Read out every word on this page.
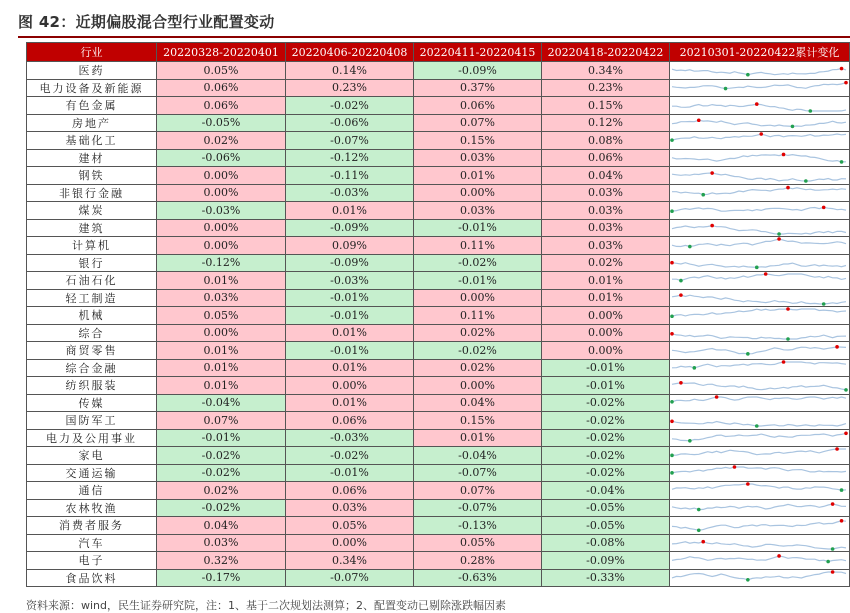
图 42：近期偏股混合型行业配置变动
行业	20220328-20220401	20220406-20220408	20220411-20220415	20220418-20220422	20210301-20220422累计变化
医药	0.05%	0.14%	-0.09%	0.34%	

电力设备及新能源	0.06%	0.23%	0.37%	0.23%	

有色金属	0.06%	-0.02%	0.06%	0.15%	

房地产	-0.05%	-0.06%	0.07%	0.12%	

基础化工	0.02%	-0.07%	0.15%	0.08%	

建材	-0.06%	-0.12%	0.03%	0.06%	

钢铁	0.00%	-0.11%	0.01%	0.04%	

非银行金融	0.00%	-0.03%	0.00%	0.03%	

煤炭	-0.03%	0.01%	0.03%	0.03%	

建筑	0.00%	-0.09%	-0.01%	0.03%	

计算机	0.00%	0.09%	0.11%	0.03%	

银行	-0.12%	-0.09%	-0.02%	0.02%	

石油石化	0.01%	-0.03%	-0.01%	0.01%	

轻工制造	0.03%	-0.01%	0.00%	0.01%	

机械	0.05%	-0.01%	0.11%	0.00%	

综合	0.00%	0.01%	0.02%	0.00%	

商贸零售	0.01%	-0.01%	-0.02%	0.00%	

综合金融	0.01%	0.01%	0.02%	-0.01%	

纺织服装	0.01%	0.00%	0.00%	-0.01%	

传媒	-0.04%	0.01%	0.04%	-0.02%	

国防军工	0.07%	0.06%	0.15%	-0.02%	

电力及公用事业	-0.01%	-0.03%	0.01%	-0.02%	

家电	-0.02%	-0.02%	-0.04%	-0.02%	

交通运输	-0.02%	-0.01%	-0.07%	-0.02%	

通信	0.02%	0.06%	0.07%	-0.04%	

农林牧渔	-0.02%	0.03%	-0.07%	-0.05%	

消费者服务	0.04%	0.05%	-0.13%	-0.05%	

汽车	0.03%	0.00%	0.05%	-0.08%	

电子	0.32%	0.34%	0.28%	-0.09%	

食品饮料	-0.17%	-0.07%	-0.63%	-0.33%	
资料来源：wind，民生证券研究院，注：1、基于二次规划法测算；2、配置变动已剔除涨跌幅因素
